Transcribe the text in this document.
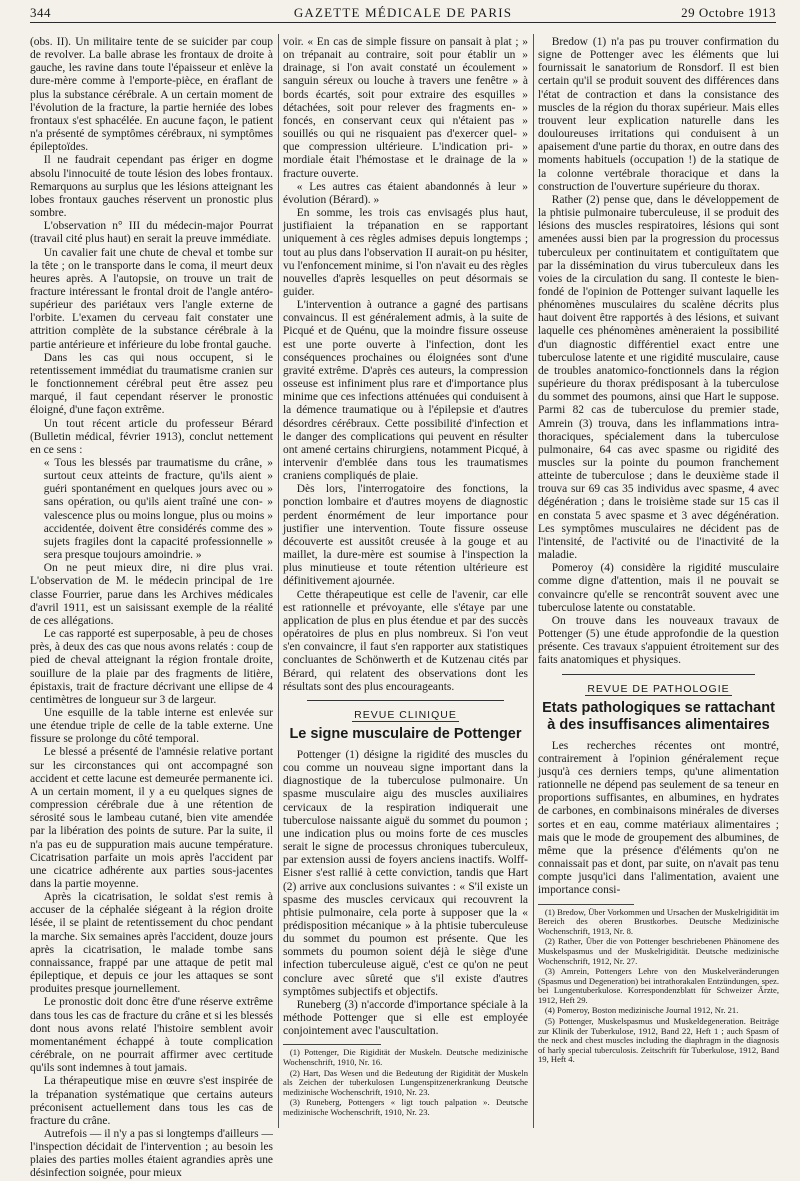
344	GAZETTE MÉDICALE DE PARIS	29 Octobre 1913

(obs. II). Un militaire tente de se suicider par coup de revolver. La balle abrase les frontaux de droite à gauche, les ravine dans toute l'épaisseur et enlève la dure-mère comme à l'emporte-pièce, en éraflant de plus la substance cérébrale. A un certain moment de l'évolution de la fracture, la partie herniée des lobes frontaux s'est sphacélée. En aucune façon, le patient n'a présenté de symptômes cérébraux, ni symptômes épileptoïdes.

Il ne faudrait cependant pas ériger en dogme absolu l'innocuité de toute lésion des lobes frontaux. Remarquons au surplus que les lésions atteignant les lobes frontaux gauches réservent un pronostic plus sombre.

L'observation n° III du médecin-major Pourrat (travail cité plus haut) en serait la preuve immédiate.

Un cavalier fait une chute de cheval et tombe sur la tête ; on le transporte dans le coma, il meurt deux heures après. A l'autopsie, on trouve un trait de fracture intéressant le frontal droit de l'angle antéro-supérieur des pariétaux vers l'angle externe de l'orbite. L'examen du cerveau fait constater une attrition complète de la substance cérébrale à la partie antérieure et inférieure du lobe frontal gauche.

Dans les cas qui nous occupent, si le retentissement immédiat du traumatisme cranien sur le fonctionnement cérébral peut être assez peu marqué, il faut cependant réserver le pronostic éloigné, d'une façon extrême.

Un tout récent article du professeur Bérard (Bulletin médical, février 1913), conclut nettement en ce sens :

« Tous les blessés par traumatisme du crâne, » surtout ceux atteints de fracture, qu'ils aient » guéri spontanément en quelques jours avec ou » sans opération, ou qu'ils aient traîné une con- » valescence plus ou moins longue, plus ou moins » accidentée, doivent être considérés comme des » sujets fragiles dont la capacité professionnelle » sera presque toujours amoindrie. »

On ne peut mieux dire, ni dire plus vrai. L'observation de M. le médecin principal de 1re classe Fourrier, parue dans les Archives médicales d'avril 1911, est un saisissant exemple de la réalité de ces allégations.

Le cas rapporté est superposable, à peu de choses près, à deux des cas que nous avons relatés : coup de pied de cheval atteignant la région frontale droite, souillure de la plaie par des fragments de litière, épistaxis, trait de fracture décrivant une ellipse de 4 centimètres de longueur sur 3 de largeur.

Une esquille de la table interne est enlevée sur une étendue triple de celle de la table externe. Une fissure se prolonge du côté temporal.

Le blessé a présenté de l'amnésie relative portant sur les circonstances qui ont accompagné son accident et cette lacune est demeurée permanente ici. A un certain moment, il y a eu quelques signes de compression cérébrale due à une rétention de sérosité sous le lambeau cutané, bien vite amendée par la libération des points de suture. Par la suite, il n'a pas eu de suppuration mais aucune température. Cicatrisation parfaite un mois après l'accident par une cicatrice adhérente aux parties sous-jacentes dans la partie moyenne.

Après la cicatrisation, le soldat s'est remis à accuser de la céphalée siégeant à la région droite lésée, il se plaint de retentissement du choc pendant la marche. Six semaines après l'accident, douze jours après la cicatrisation, le malade tombe sans connaissance, frappé par une attaque de petit mal épileptique, et depuis ce jour les attaques se sont produites presque journellement.

Le pronostic doit donc être d'une réserve extrême dans tous les cas de fracture du crâne et si les blessés dont nous avons relaté l'histoire semblent avoir momentanément échappé à toute complication cérébrale, on ne pourrait affirmer avec certitude qu'ils sont indemnes à tout jamais.

La thérapeutique mise en œuvre s'est inspirée de la trépanation systématique que certains auteurs préconisent actuellement dans tous les cas de fracture du crâne.

Autrefois — il n'y a pas si longtemps d'ailleurs — l'inspection décidait de l'intervention ; au besoin les plaies des parties molles étaient agrandies après une désinfection soignée, pour mieux

voir. « En cas de simple fissure on pansait à plat ; » on trépanait au contraire, soit pour établir un » drainage, si l'on avait constaté un écoulement » sanguin séreux ou louche à travers une fenêtre » à bords écartés, soit pour extraire des esquilles » détachées, soit pour relever des fragments en- » foncés, en conservant ceux qui n'étaient pas » souillés ou qui ne risquaient pas d'exercer quel- » que compression ultérieure. L'indication pri- » mordiale était l'hémostase et le drainage de la » fracture ouverte.

« Les autres cas étaient abandonnés à leur » évolution (Bérard). »

En somme, les trois cas envisagés plus haut, justifiaient la trépanation en se rapportant uniquement à ces règles admises depuis longtemps ; tout au plus dans l'observation II aurait-on pu hésiter, vu l'enfoncement minime, si l'on n'avait eu des règles nouvelles d'après lesquelles on peut désormais se guider.

L'intervention à outrance a gagné des partisans convaincus. Il est généralement admis, à la suite de Picqué et de Quénu, que la moindre fissure osseuse est une porte ouverte à l'infection, dont les conséquences prochaines ou éloignées sont d'une gravité extrême. D'après ces auteurs, la compression osseuse est infiniment plus rare et d'importance plus minime que ces infections atténuées qui conduisent à la démence traumatique ou à l'épilepsie et d'autres désordres cérébraux. Cette possibilité d'infection et le danger des complications qui peuvent en résulter ont amené certains chirurgiens, notamment Picqué, à intervenir d'emblée dans tous les traumatismes craniens compliqués de plaie.

Dès lors, l'interrogatoire des fonctions, la ponction lombaire et d'autres moyens de diagnostic perdent énormément de leur importance pour justifier une intervention. Toute fissure osseuse découverte est aussitôt creusée à la gouge et au maillet, la dure-mère est soumise à l'inspection la plus minutieuse et toute rétention ultérieure est définitivement ajournée.

Cette thérapeutique est celle de l'avenir, car elle est rationnelle et prévoyante, elle s'étaye par une application de plus en plus étendue et par des succès opératoires de plus en plus nombreux. Si l'on veut s'en convaincre, il faut s'en rapporter aux statistiques concluantes de Schönwerth et de Kutzenau cités par Bérard, qui relatent des observations dont les résultats sont des plus encourageants.

REVUE CLINIQUE
Le signe musculaire de Pottenger

Pottenger (1) désigne la rigidité des muscles du cou comme un nouveau signe important dans la diagnostique de la tuberculose pulmonaire. Un spasme musculaire aigu des muscles auxiliaires cervicaux de la respiration indiquerait une tuberculose naissante aiguë du sommet du poumon ; une indication plus ou moins forte de ces muscles serait le signe de processus chroniques tuberculeux, par extension aussi de foyers anciens inactifs. Wolff-Eisner s'est rallié à cette conviction, tandis que Hart (2) arrive aux conclusions suivantes : « S'il existe un spasme des muscles cervicaux qui recouvrent la phtisie pulmonaire, cela porte à supposer que la « prédisposition mécanique » à la phtisie tuberculeuse du sommet du poumon est présente. Que les sommets du poumon soient déjà le siège d'une infection tuberculeuse aiguë, c'est ce qu'on ne peut conclure avec sûreté que s'il existe d'autres symptômes subjectifs et objectifs.

Runeberg (3) n'accorde d'importance spéciale à la méthode Pottenger que si elle est employée conjointement avec l'auscultation.

(1) Pottenger, Die Rigidität der Muskeln. Deutsche medizinische Wochenschrift, 1910, Nr. 16.

(2) Hart, Das Wesen und die Bedeutung der Rigidität der Muskeln als Zeichen der tuberkulosen Lungenspitzenerkrankung Deutsche medizinische Wochenschrift, 1910, Nr. 23.

(3) Runeberg, Pottengers « ligt touch palpation ». Deutsche medizinische Wochenschrift, 1910, Nr. 23.

Bredow (1) n'a pas pu trouver confirmation du signe de Pottenger avec les éléments que lui fournissait le sanatorium de Ronsdorf. Il est bien certain qu'il se produit souvent des différences dans l'état de contraction et dans la consistance des muscles de la région du thorax supérieur. Mais elles trouvent leur explication naturelle dans les douloureuses irritations qui conduisent à un apaisement d'une partie du thorax, en outre dans des moments habituels (occupation !) de la statique de la colonne vertébrale thoracique et dans la construction de l'ouverture supérieure du thorax.

Rather (2) pense que, dans le développement de la phtisie pulmonaire tuberculeuse, il se produit des lésions des muscles respiratoires, lésions qui sont amenées aussi bien par la progression du processus tuberculeux per continuitatem et contiguïtatem que par la dissémination du virus tuberculeux dans les voies de la circulation du sang. Il conteste le bien-fondé de l'opinion de Pottenger suivant laquelle les phénomènes musculaires du scalène décrits plus haut doivent être rapportés à des lésions, et suivant laquelle ces phénomènes amèneraient la possibilité d'un diagnostic différentiel exact entre une tuberculose latente et une rigidité musculaire, cause de troubles anatomico-fonctionnels dans la région supérieure du thorax prédisposant à la tuberculose du sommet des poumons, ainsi que Hart le suppose. Parmi 82 cas de tuberculose du premier stade, Amrein (3) trouva, dans les inflammations intra-thoraciques, spécialement dans la tuberculose pulmonaire, 64 cas avec spasme ou rigidité des muscles sur la pointe du poumon franchement atteinte de tuberculose ; dans le deuxième stade il trouva sur 69 cas 35 individus avec spasme, 4 avec dégénération ; dans le troisième stade sur 15 cas il en constata 5 avec spasme et 3 avec dégénération. Les symptômes musculaires ne décident pas de l'intensité, de l'activité ou de l'inactivité de la maladie.

Pomeroy (4) considère la rigidité musculaire comme digne d'attention, mais il ne pouvait se convaincre qu'elle se rencontrât souvent avec une tuberculose latente ou constatable.

On trouve dans les nouveaux travaux de Pottenger (5) une étude approfondie de la question présente. Ces travaux s'appuient étroitement sur des faits anatomiques et physiques.

REVUE DE PATHOLOGIE
Etats pathologiques se rattachant à des insuffisances alimentaires

Les recherches récentes ont montré, contrairement à l'opinion généralement reçue jusqu'à ces derniers temps, qu'une alimentation rationnelle ne dépend pas seulement de sa teneur en proportions suffisantes, en albumines, en hydrates de carbones, en combinaisons minérales de diverses sortes et en eau, comme matériaux alimentaires ; mais que le mode de groupement des albumines, de même que la présence d'éléments qu'on ne connaissait pas et dont, par suite, on n'avait pas tenu compte jusqu'ici dans l'alimentation, avaient une importance consi-

(1) Bredow, Über Vorkommen und Ursachen der Muskelrigidität im Bereich des oberen Brustkorbes. Deutsche Medizinische Wochenschrift, 1913, Nr. 8.

(2) Rather, Über die von Pottenger beschriebenen Phänomene des Muskelspasmus und der Muskelrigidität. Deutsche medizinische Wochenschrift, 1912, Nr. 27.

(3) Amrein, Pottengers Lehre von den Muskelveränderungen (Spasmus und Degeneration) bei intrathorakalen Entzündungen, spez. bei Lungentuberkulose. Korrespondenzblatt für Schweizer Ärzte, 1912, Heft 29.

(4) Pomeroy, Boston medizinische Journal 1912, Nr. 21.

(5) Pottenger, Muskelspasmus und Muskeldegeneration. Beiträge zur Klinik der Tuberkulose, 1912, Band 22, Heft 1 ; auch Spasm of the neck and chest muscles including the diaphragm in the diagnosis of harly special tuberculosis. Zeitschrift für Tuberkulose, 1912, Band 19, Heft 4.
